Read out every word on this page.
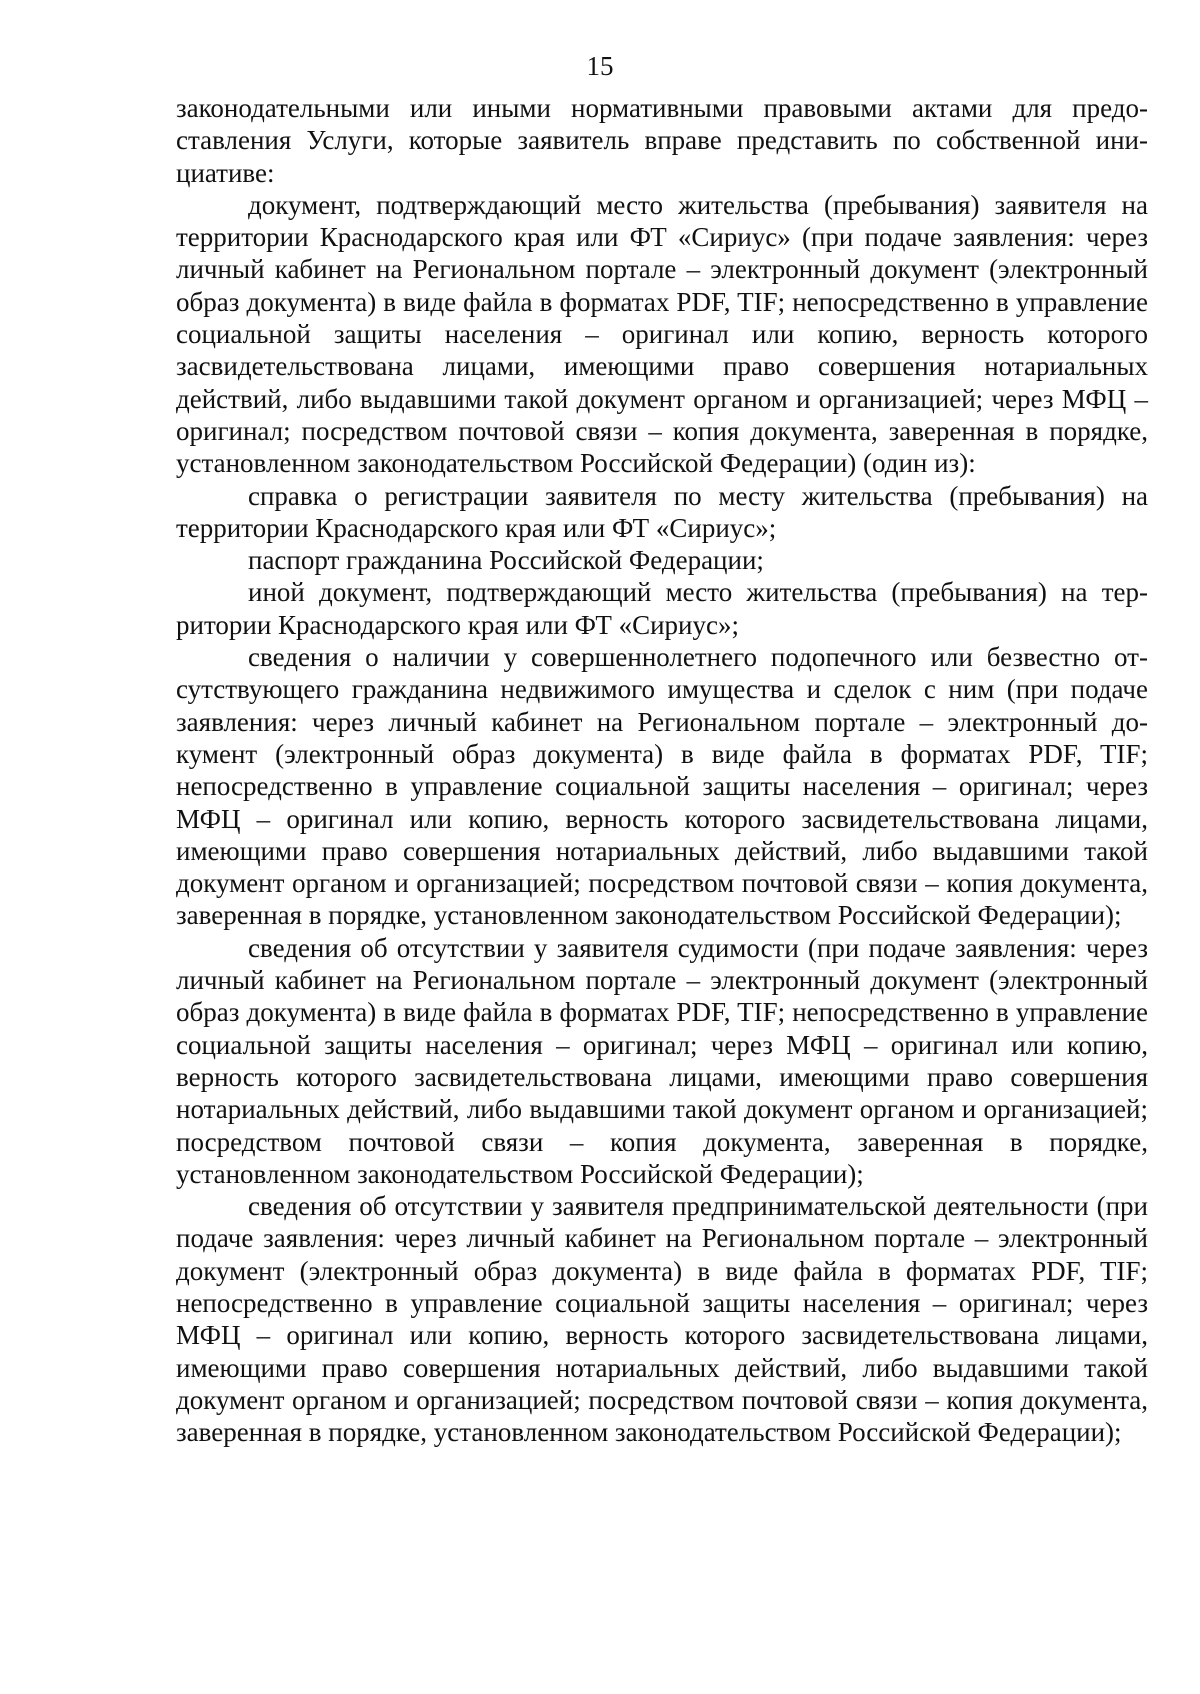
15

законодательными или иными нормативными правовыми актами для предоставления Услуги, которые заявитель вправе представить по собственной инициативе:

документ, подтверждающий место жительства (пребывания) заявителя на территории Краснодарского края или ФТ «Сириус» (при подаче заявления: через личный кабинет на Региональном портале – электронный документ (электронный образ документа) в виде файла в форматах PDF, TIF; непосредственно в управление социальной защиты населения – оригинал или копию, верность которого засвидетельствована лицами, имеющими право совершения нотариальных действий, либо выдавшими такой документ органом и организацией; через МФЦ – оригинал; посредством почтовой связи – копия документа, заверенная в порядке, установленном законодательством Российской Федерации) (один из):

справка о регистрации заявителя по месту жительства (пребывания) на территории Краснодарского края или ФТ «Сириус»;

паспорт гражданина Российской Федерации;

иной документ, подтверждающий место жительства (пребывания) на территории Краснодарского края или ФТ «Сириус»;

сведения о наличии у совершеннолетнего подопечного или безвестно отсутствующего гражданина недвижимого имущества и сделок с ним (при подаче заявления: через личный кабинет на Региональном портале – электронный документ (электронный образ документа) в виде файла в форматах PDF, TIF; непосредственно в управление социальной защиты населения – оригинал; через МФЦ – оригинал или копию, верность которого засвидетельствована лицами, имеющими право совершения нотариальных действий, либо выдавшими такой документ органом и организацией; посредством почтовой связи – копия документа, заверенная в порядке, установленном законодательством Российской Федерации);

сведения об отсутствии у заявителя судимости (при подаче заявления: через личный кабинет на Региональном портале – электронный документ (электронный образ документа) в виде файла в форматах PDF, TIF; непосредственно в управление социальной защиты населения – оригинал; через МФЦ – оригинал или копию, верность которого засвидетельствована лицами, имеющими право совершения нотариальных действий, либо выдавшими такой документ органом и организацией; посредством почтовой связи – копия документа, заверенная в порядке, установленном законодательством Российской Федерации);

сведения об отсутствии у заявителя предпринимательской деятельности (при подаче заявления: через личный кабинет на Региональном портале – электронный документ (электронный образ документа) в виде файла в форматах PDF, TIF; непосредственно в управление социальной защиты населения – оригинал; через МФЦ – оригинал или копию, верность которого засвидетельствована лицами, имеющими право совершения нотариальных действий, либо выдавшими такой документ органом и организацией; посредством почтовой связи – копия документа, заверенная в порядке, установленном законодательством Российской Федерации);
